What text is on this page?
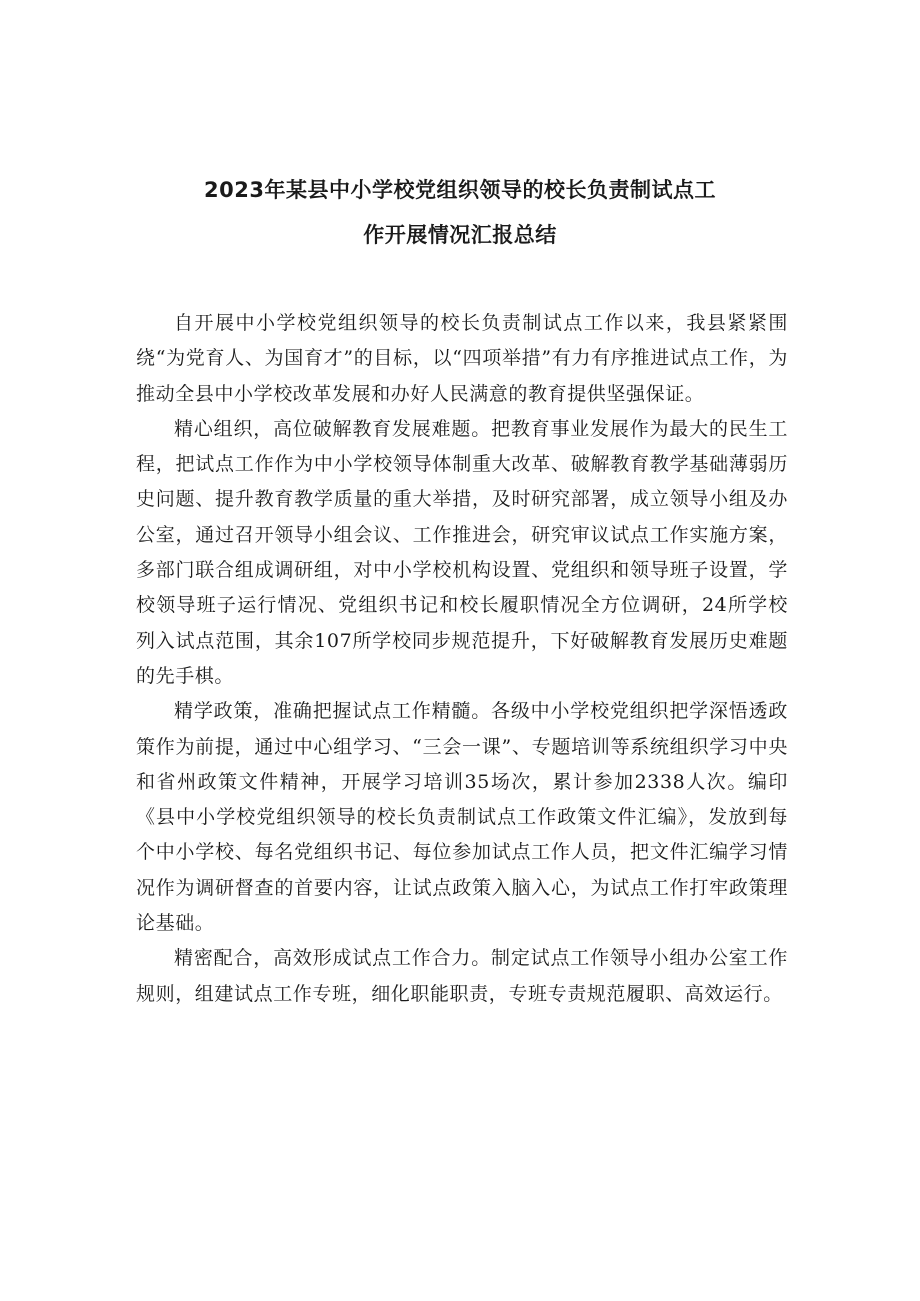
2023年某县中小学校党组织领导的校长负责制试点工
作开展情况汇报总结

自开展中小学校党组织领导的校长负责制试点工作以来，我县紧紧围绕“为党育人、为国育才”的目标，以“四项举措”有力有序推进试点工作，为推动全县中小学校改革发展和办好人民满意的教育提供坚强保证。

精心组织，高位破解教育发展难题。把教育事业发展作为最大的民生工程，把试点工作作为中小学校领导体制重大改革、破解教育教学基础薄弱历史问题、提升教育教学质量的重大举措，及时研究部署，成立领导小组及办公室，通过召开领导小组会议、工作推进会，研究审议试点工作实施方案，多部门联合组成调研组，对中小学校机构设置、党组织和领导班子设置，学校领导班子运行情况、党组织书记和校长履职情况全方位调研，24所学校列入试点范围，其余107所学校同步规范提升，下好破解教育发展历史难题的先手棋。

精学政策，准确把握试点工作精髓。各级中小学校党组织把学深悟透政策作为前提，通过中心组学习、“三会一课”、专题培训等系统组织学习中央和省州政策文件精神，开展学习培训35场次，累计参加2338人次。编印《县中小学校党组织领导的校长负责制试点工作政策文件汇编》，发放到每个中小学校、每名党组织书记、每位参加试点工作人员，把文件汇编学习情况作为调研督查的首要内容，让试点政策入脑入心，为试点工作打牢政策理论基础。

精密配合，高效形成试点工作合力。制定试点工作领导小组办公室工作规则，组建试点工作专班，细化职能职责，专班专责规范履职、高效运行。
